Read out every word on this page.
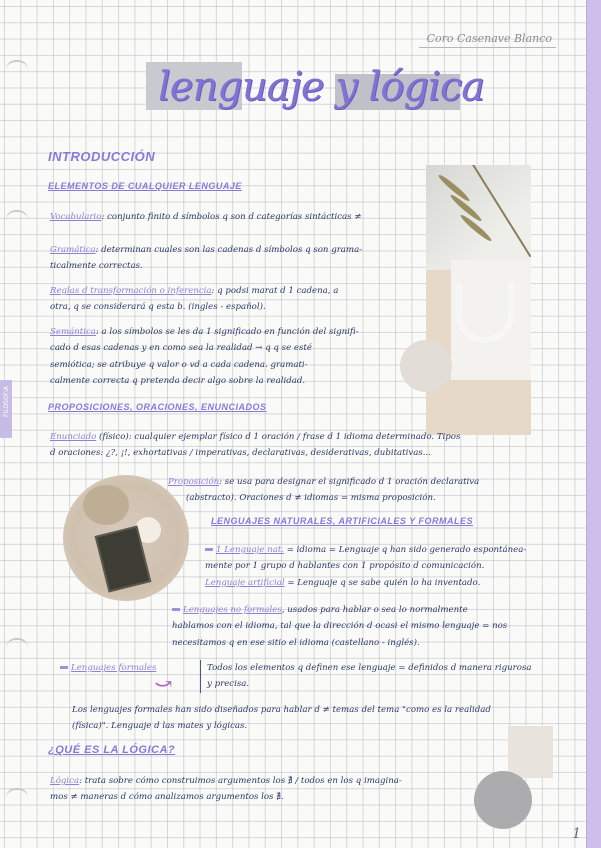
FILOSOFÍA
Coro Casenave Blanco
lenguaje y lógica
INTRODUCCIÓN
ELEMENTOS DE CUALQUIER LENGUAJE
Vocabulario: conjunto finito d símbolos q son d categorías sintácticas ≠
Gramática: determinan cuales son las cadenas d símbolos q son grama-
ticalmente correctas.
Reglas d transformación o inferencia: q podsi marat d 1 cadena, a
otra, q se considerará q esta b. (ingles - español).
Semántica: a los símbolos se les da 1 significado en función del signifi-
cado d esas cadenas y en como sea la realidad → q q se esté
semiótica; se atribuye q valor o vd a cada cadena. gramati-
calmente correcta q pretenda decir algo sobre la realidad.
PROPOSICIONES, ORACIONES, ENUNCIADOS
Enunciado (físico): cualquier ejemplar físico d 1 oración / frase d 1 idioma determinado. Tipos
d oraciones: ¿?, ¡!, exhortativas / imperativas, declarativas, desiderativas, dubitativas...
Proposición: se usa para designar el significado d 1 oración declarativa
(abstracto). Oraciones d ≠ idiomas = misma proposición.
LENGUAJES NATURALES, ARTIFICIALES Y FORMALES
1 Lenguaje nat. = idioma = Lenguaje q han sido generado espontánea-
mente por 1 grupo d hablantes con 1 propósito d comunicación.
Lenguaje artificial = Lenguaje q se sabe quién lo ha inventado.
Lenguajes no formales, usados para hablar o sea lo normalmente
hablamos con el idioma, tal que la dirección d ocasi el mismo lenguaje = nos
necesitamos q en ese sitio el idioma (castellano - inglés).
Lenguajes formales
⤻
Todos los elementos q definen ese lenguaje = definidos d manera rigurosa
y precisa.
Los lenguajes formales han sido diseñados para hablar d ≠ temas del tema "como es la realidad
(física)". Lenguaje d las mates y lógicas.
¿QUÉ ES LA LÓGICA?
Lógica: trata sobre cómo construimos argumentos los ∄ / todos en los q imagina-
mos ≠ maneras d cómo analizamos argumentos los ∄.
1
